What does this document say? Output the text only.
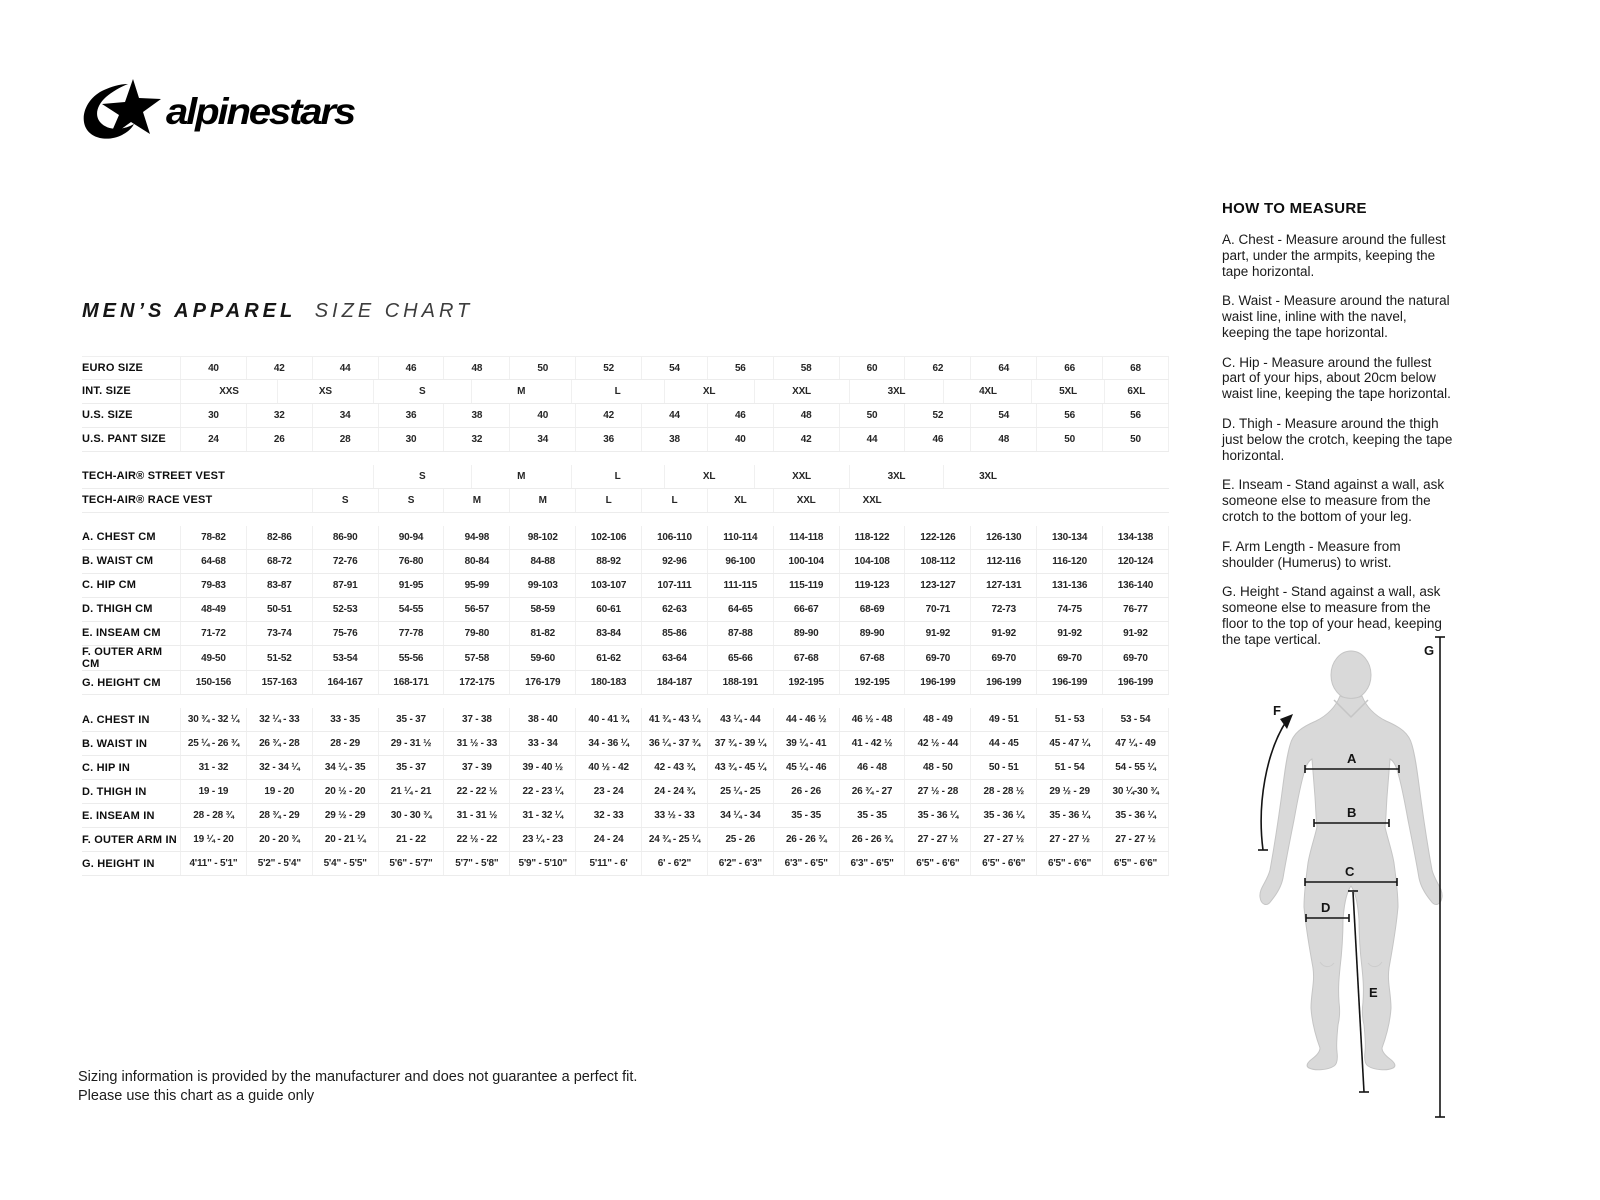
alpinestars
MEN’S APPAREL SIZE CHART
EURO SIZE	40	42	44	46	48	50	52	54	56	58	60	62	64	66	68
INT. SIZE	XXS	XS	S	M	L	XL	XXL	3XL	4XL	5XL	6XL
U.S. SIZE	30	32	34	36	38	40	42	44	46	48	50	52	54	56	56
U.S. PANT SIZE	24	26	28	30	32	34	36	38	40	42	44	46	48	50	50
TECH-AIR® STREET VEST	S	M	L	XL	XXL	3XL	3XL
TECH-AIR® RACE VEST	S	S	M	M	L	L	XL	XXL	XXL
A. CHEST CM	78-82	82-86	86-90	90-94	94-98	98-102	102-106	106-110	110-114	114-118	118-122	122-126	126-130	130-134	134-138
B. WAIST CM	64-68	68-72	72-76	76-80	80-84	84-88	88-92	92-96	96-100	100-104	104-108	108-112	112-116	116-120	120-124
C. HIP CM	79-83	83-87	87-91	91-95	95-99	99-103	103-107	107-111	111-115	115-119	119-123	123-127	127-131	131-136	136-140
D. THIGH CM	48-49	50-51	52-53	54-55	56-57	58-59	60-61	62-63	64-65	66-67	68-69	70-71	72-73	74-75	76-77
E. INSEAM CM	71-72	73-74	75-76	77-78	79-80	81-82	83-84	85-86	87-88	89-90	89-90	91-92	91-92	91-92	91-92
F. OUTER ARM CM	49-50	51-52	53-54	55-56	57-58	59-60	61-62	63-64	65-66	67-68	67-68	69-70	69-70	69-70	69-70
G. HEIGHT CM	150-156	157-163	164-167	168-171	172-175	176-179	180-183	184-187	188-191	192-195	192-195	196-199	196-199	196-199	196-199
A. CHEST IN	30 ¾ - 32 ¼	32 ¼ - 33	33 - 35	35 - 37	37 - 38	38 - 40	40 - 41 ¾	41 ¾ - 43 ¼	43 ¼ - 44	44 - 46 ½	46 ½ - 48	48 - 49	49 - 51	51 - 53	53 - 54
B. WAIST IN	25 ¼ - 26 ¾	26 ¾ - 28	28 - 29	29 - 31 ½	31 ½ - 33	33 - 34	34 - 36 ¼	36 ¼ - 37 ¾	37 ¾ - 39 ¼	39 ¼ - 41	41 - 42 ½	42 ½ - 44	44 - 45	45 - 47 ¼	47 ¼ - 49
C. HIP IN	31 - 32	32 - 34 ¼	34 ¼ - 35	35 - 37	37 - 39	39 - 40 ½	40 ½ - 42	42 - 43 ¾	43 ¾ - 45 ¼	45 ¼ - 46	46 - 48	48 - 50	50 - 51	51 - 54	54 - 55 ¼
D. THIGH IN	19 - 19	19 - 20	20 ½ - 20	21 ¼ - 21	22 - 22 ½	22 - 23 ¼	23 - 24	24 - 24 ¾	25 ¼ - 25	26 - 26	26 ¾ - 27	27 ½ - 28	28 - 28 ½	29 ½ - 29	30 ¼-30 ¾
E. INSEAM IN	28 - 28 ¾	28 ¾ - 29	29 ½ - 29	30 - 30 ¾	31 - 31 ½	31 - 32 ¼	32 - 33	33 ½ - 33	34 ¼ - 34	35 - 35	35 - 35	35 - 36 ¼	35 - 36 ¼	35 - 36 ¼	35 - 36 ¼
F. OUTER ARM IN	19 ¼ - 20	20 - 20 ¾	20 - 21 ¼	21 - 22	22 ½ - 22	23 ¼ - 23	24 - 24	24 ¾ - 25 ¼	25 - 26	26 - 26 ¾	26 - 26 ¾	27 - 27 ½	27 - 27 ½	27 - 27 ½	27 - 27 ½
G. HEIGHT IN	4'11" - 5'1"	5'2" - 5'4"	5'4" - 5'5"	5'6" - 5'7"	5'7" - 5'8"	5'9" - 5'10"	5'11" - 6'	6' - 6'2"	6'2" - 6'3"	6'3" - 6'5"	6'3" - 6'5"	6'5" - 6'6"	6'5" - 6'6"	6'5" - 6'6"	6'5" - 6'6"
HOW TO MEASURE

A. Chest - Measure around the fullest part, under the armpits, keeping the tape horizontal.

B. Waist - Measure around the natural waist line, inline with the navel, keeping the tape horizontal.

C. Hip - Measure around the fullest part of your hips, about 20cm below waist line, keeping the tape horizontal.

D. Thigh - Measure around the thigh just below the crotch, keeping the tape horizontal.

E. Inseam - Stand against a wall, ask someone else to measure from the crotch to the bottom of your leg.

F. Arm Length - Measure from shoulder (Humerus) to wrist.

G. Height - Stand against a wall, ask someone else to measure from the floor to the top of your head, keeping the tape vertical.

A
B
C
D
E
F
G
Sizing information is provided by the manufacturer and does not guarantee a perfect fit.
Please use this chart as a guide only
